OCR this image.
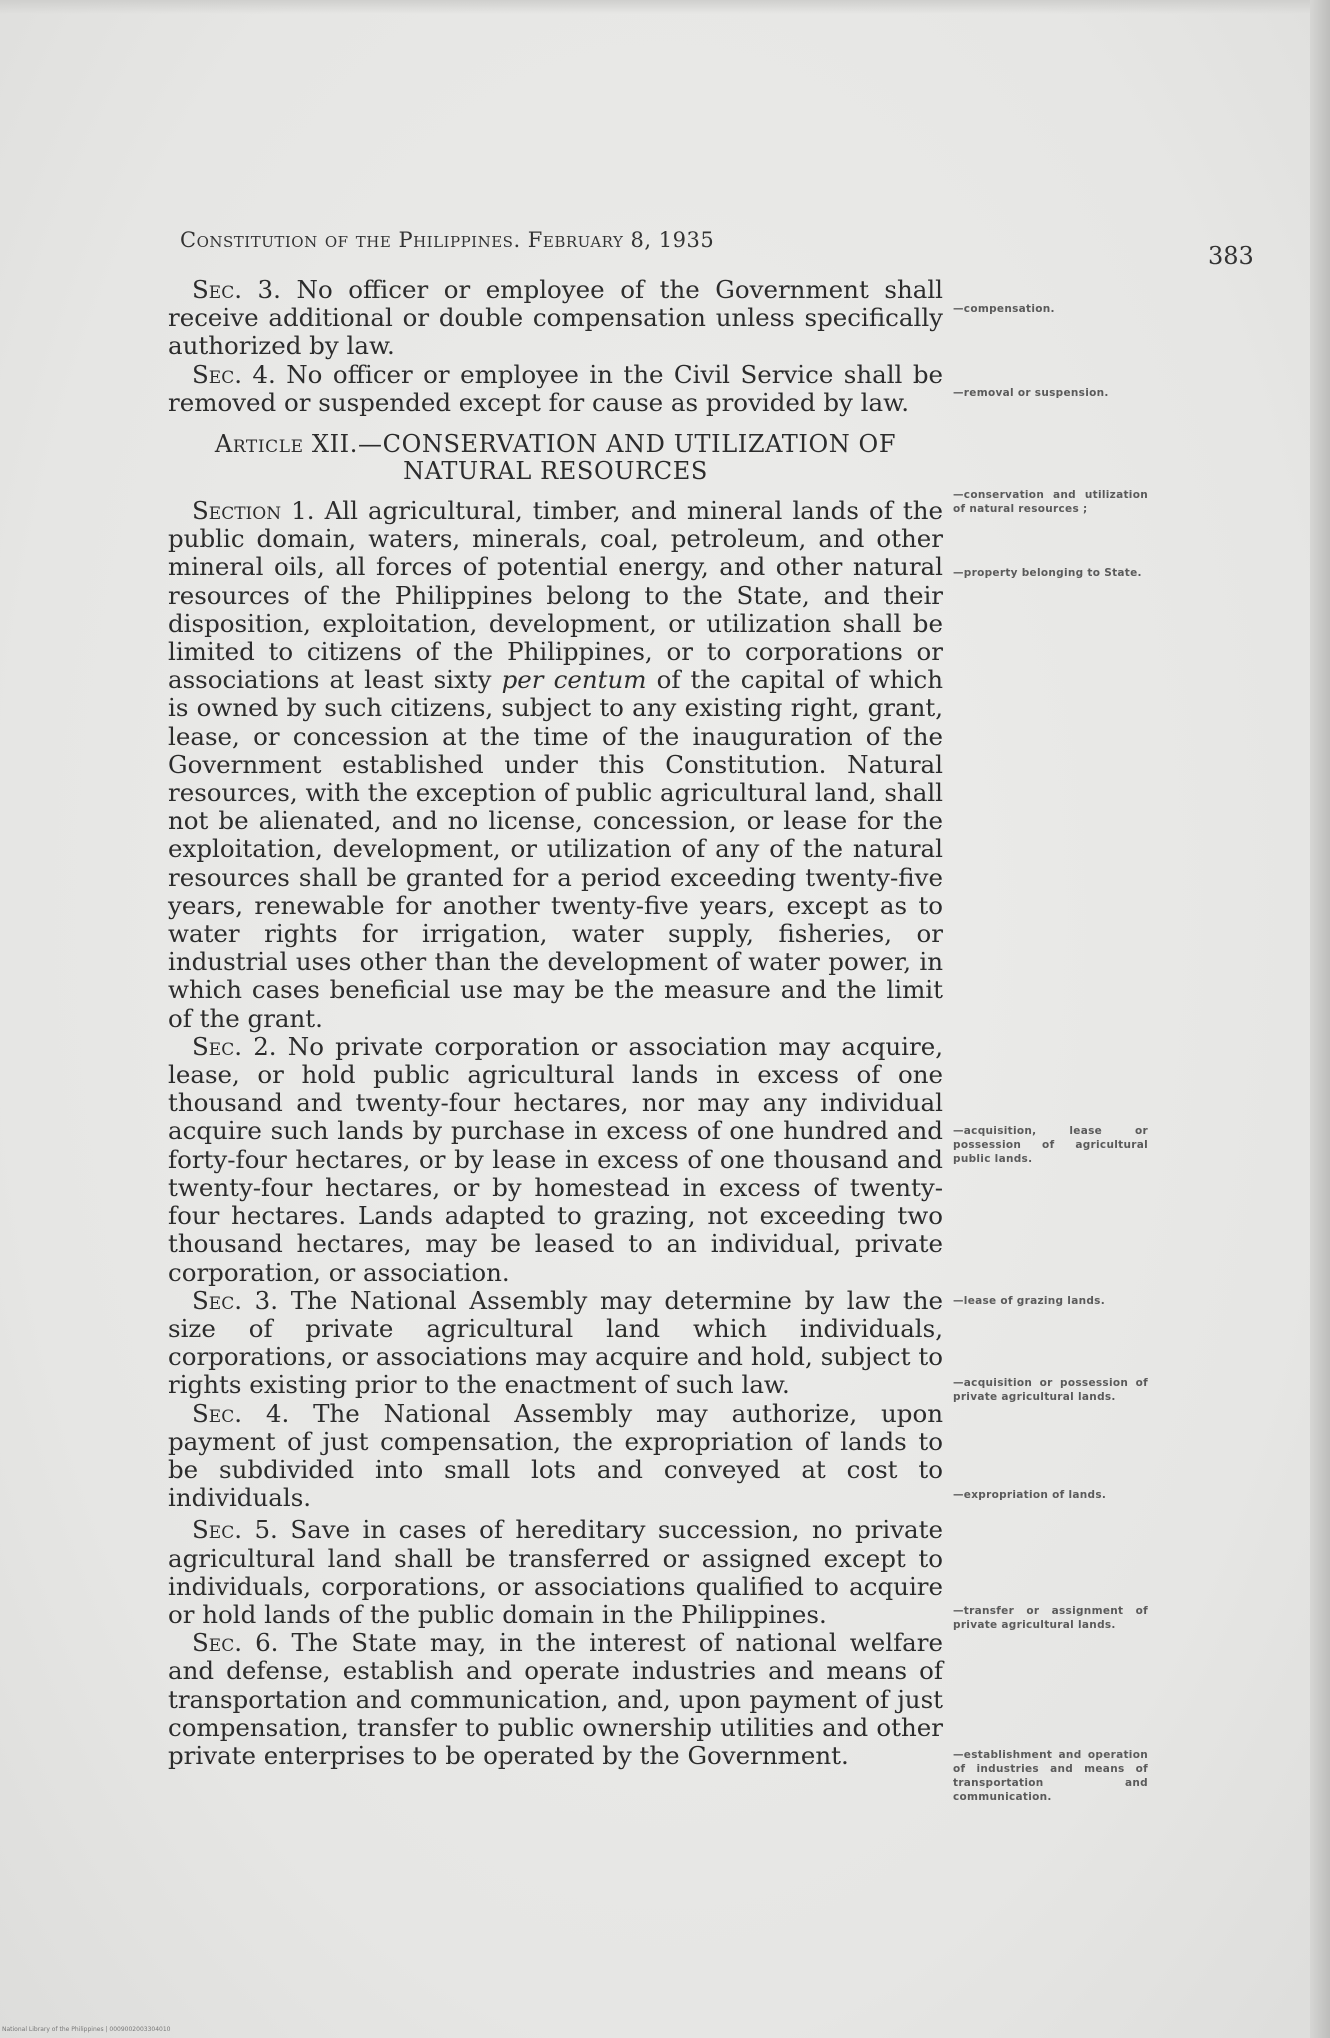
Constitution of the Philippines. February 8, 1935
383

Sec. 3. No officer or employee of the Government shall receive additional or double compensation unless specifically authorized by law.

Sec. 4. No officer or employee in the Civil Service shall be removed or suspended except for cause as provided by law.

Article XII.—CONSERVATION AND UTILIZATION OF
NATURAL RESOURCES

Section 1. All agricultural, timber, and mineral lands of the public domain, waters, minerals, coal, petroleum, and other mineral oils, all forces of potential energy, and other natural resources of the Philippines belong to the State, and their disposition, exploitation, development, or utilization shall be limited to citizens of the Philippines, or to corporations or associations at least sixty per centum of the capital of which is owned by such citizens, subject to any existing right, grant, lease, or concession at the time of the inauguration of the Government established under this Constitution. Natural resources, with the exception of public agricultural land, shall not be alienated, and no license, concession, or lease for the exploitation, development, or utilization of any of the natural resources shall be granted for a period exceeding twenty-five years, renewable for another twenty-five years, except as to water rights for irrigation, water supply, fisheries, or industrial uses other than the development of water power, in which cases beneficial use may be the measure and the limit of the grant.

Sec. 2. No private corporation or association may acquire, lease, or hold public agricultural lands in excess of one thousand and twenty-four hectares, nor may any individual acquire such lands by purchase in excess of one hundred and forty-four hectares, or by lease in excess of one thousand and twenty-four hectares, or by homestead in excess of twenty-four hectares. Lands adapted to grazing, not exceeding two thousand hectares, may be leased to an individual, private corporation, or association.

Sec. 3. The National Assembly may determine by law the size of private agricultural land which individuals, corporations, or associations may acquire and hold, subject to rights existing prior to the enactment of such law.

Sec. 4. The National Assembly may authorize, upon payment of just compensation, the expropriation of lands to be subdivided into small lots and conveyed at cost to individuals.

Sec. 5. Save in cases of hereditary succession, no private agricultural land shall be transferred or assigned except to individuals, corporations, or associations qualified to acquire or hold lands of the public domain in the Philippines.

Sec. 6. The State may, in the interest of national welfare and defense, establish and operate industries and means of transportation and communication, and, upon payment of just compensation, transfer to public ownership utilities and other private enterprises to be operated by the Government.

—compensation.
—removal or suspension.
—conservation and utilization of natural resources ;
—property belonging to State.
—acquisition, lease or possession of agricultural public lands.
—lease of grazing lands.
—acquisition or possession of private agricultural lands.
—expropriation of lands.
—transfer or assignment of private agricultural lands.
—establishment and operation of industries and means of transportation and communication.
National Library of the Philippines | 0009002003304010
